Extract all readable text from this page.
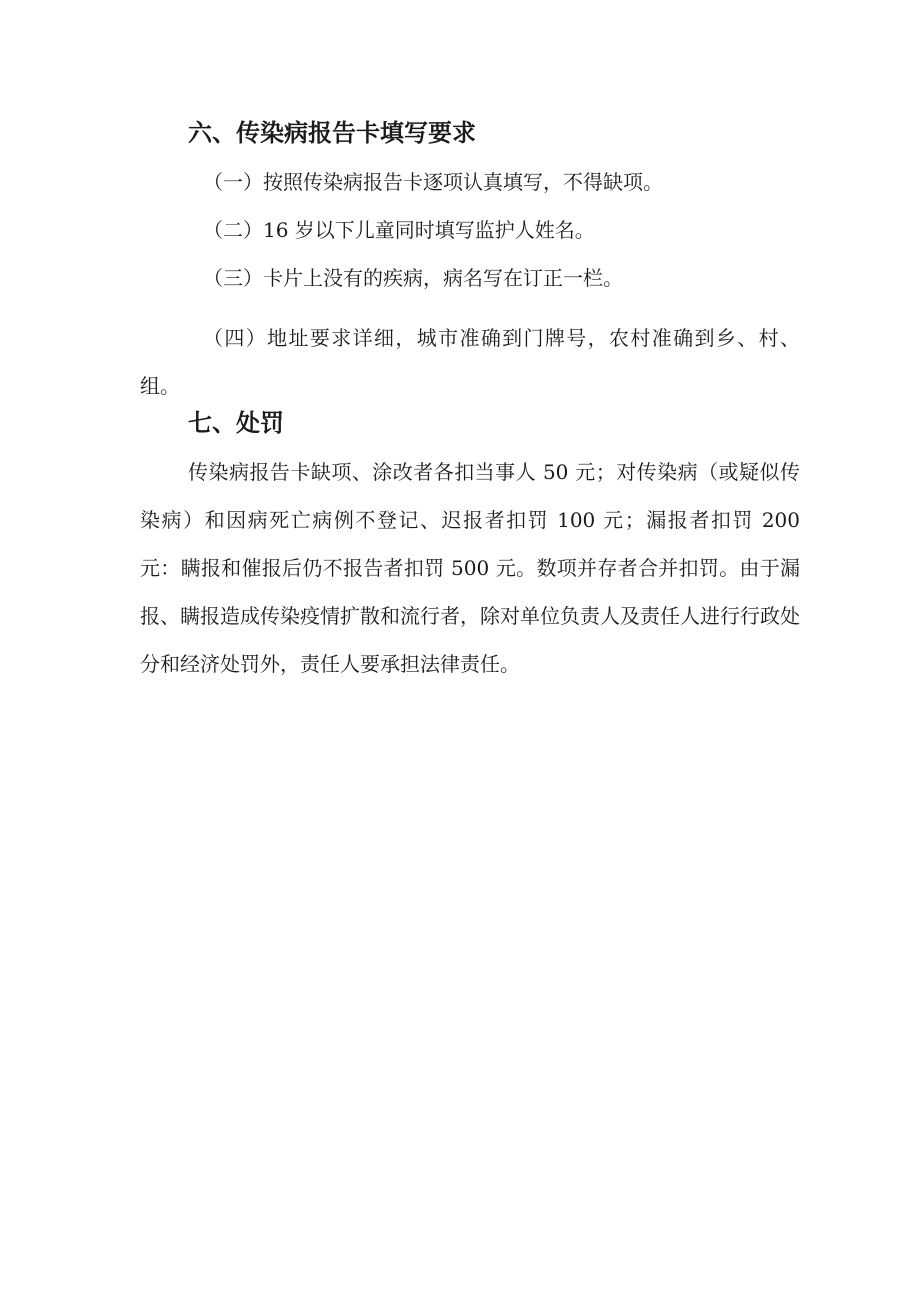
六、传染病报告卡填写要求

（一）按照传染病报告卡逐项认真填写，不得缺项。

（二）16 岁以下儿童同时填写监护人姓名。

（三）卡片上没有的疾病，病名写在订正一栏。

（四）地址要求详细，城市准确到门牌号，农村准确到乡、村、组。

七、处罚

传染病报告卡缺项、涂改者各扣当事人 50 元；对传染病（或疑似传染病）和因病死亡病例不登记、迟报者扣罚 100 元；漏报者扣罚 200 元：瞒报和催报后仍不报告者扣罚 500 元。数项并存者合并扣罚。由于漏报、瞒报造成传染疫情扩散和流行者，除对单位负责人及责任人进行行政处分和经济处罚外，责任人要承担法律责任。
